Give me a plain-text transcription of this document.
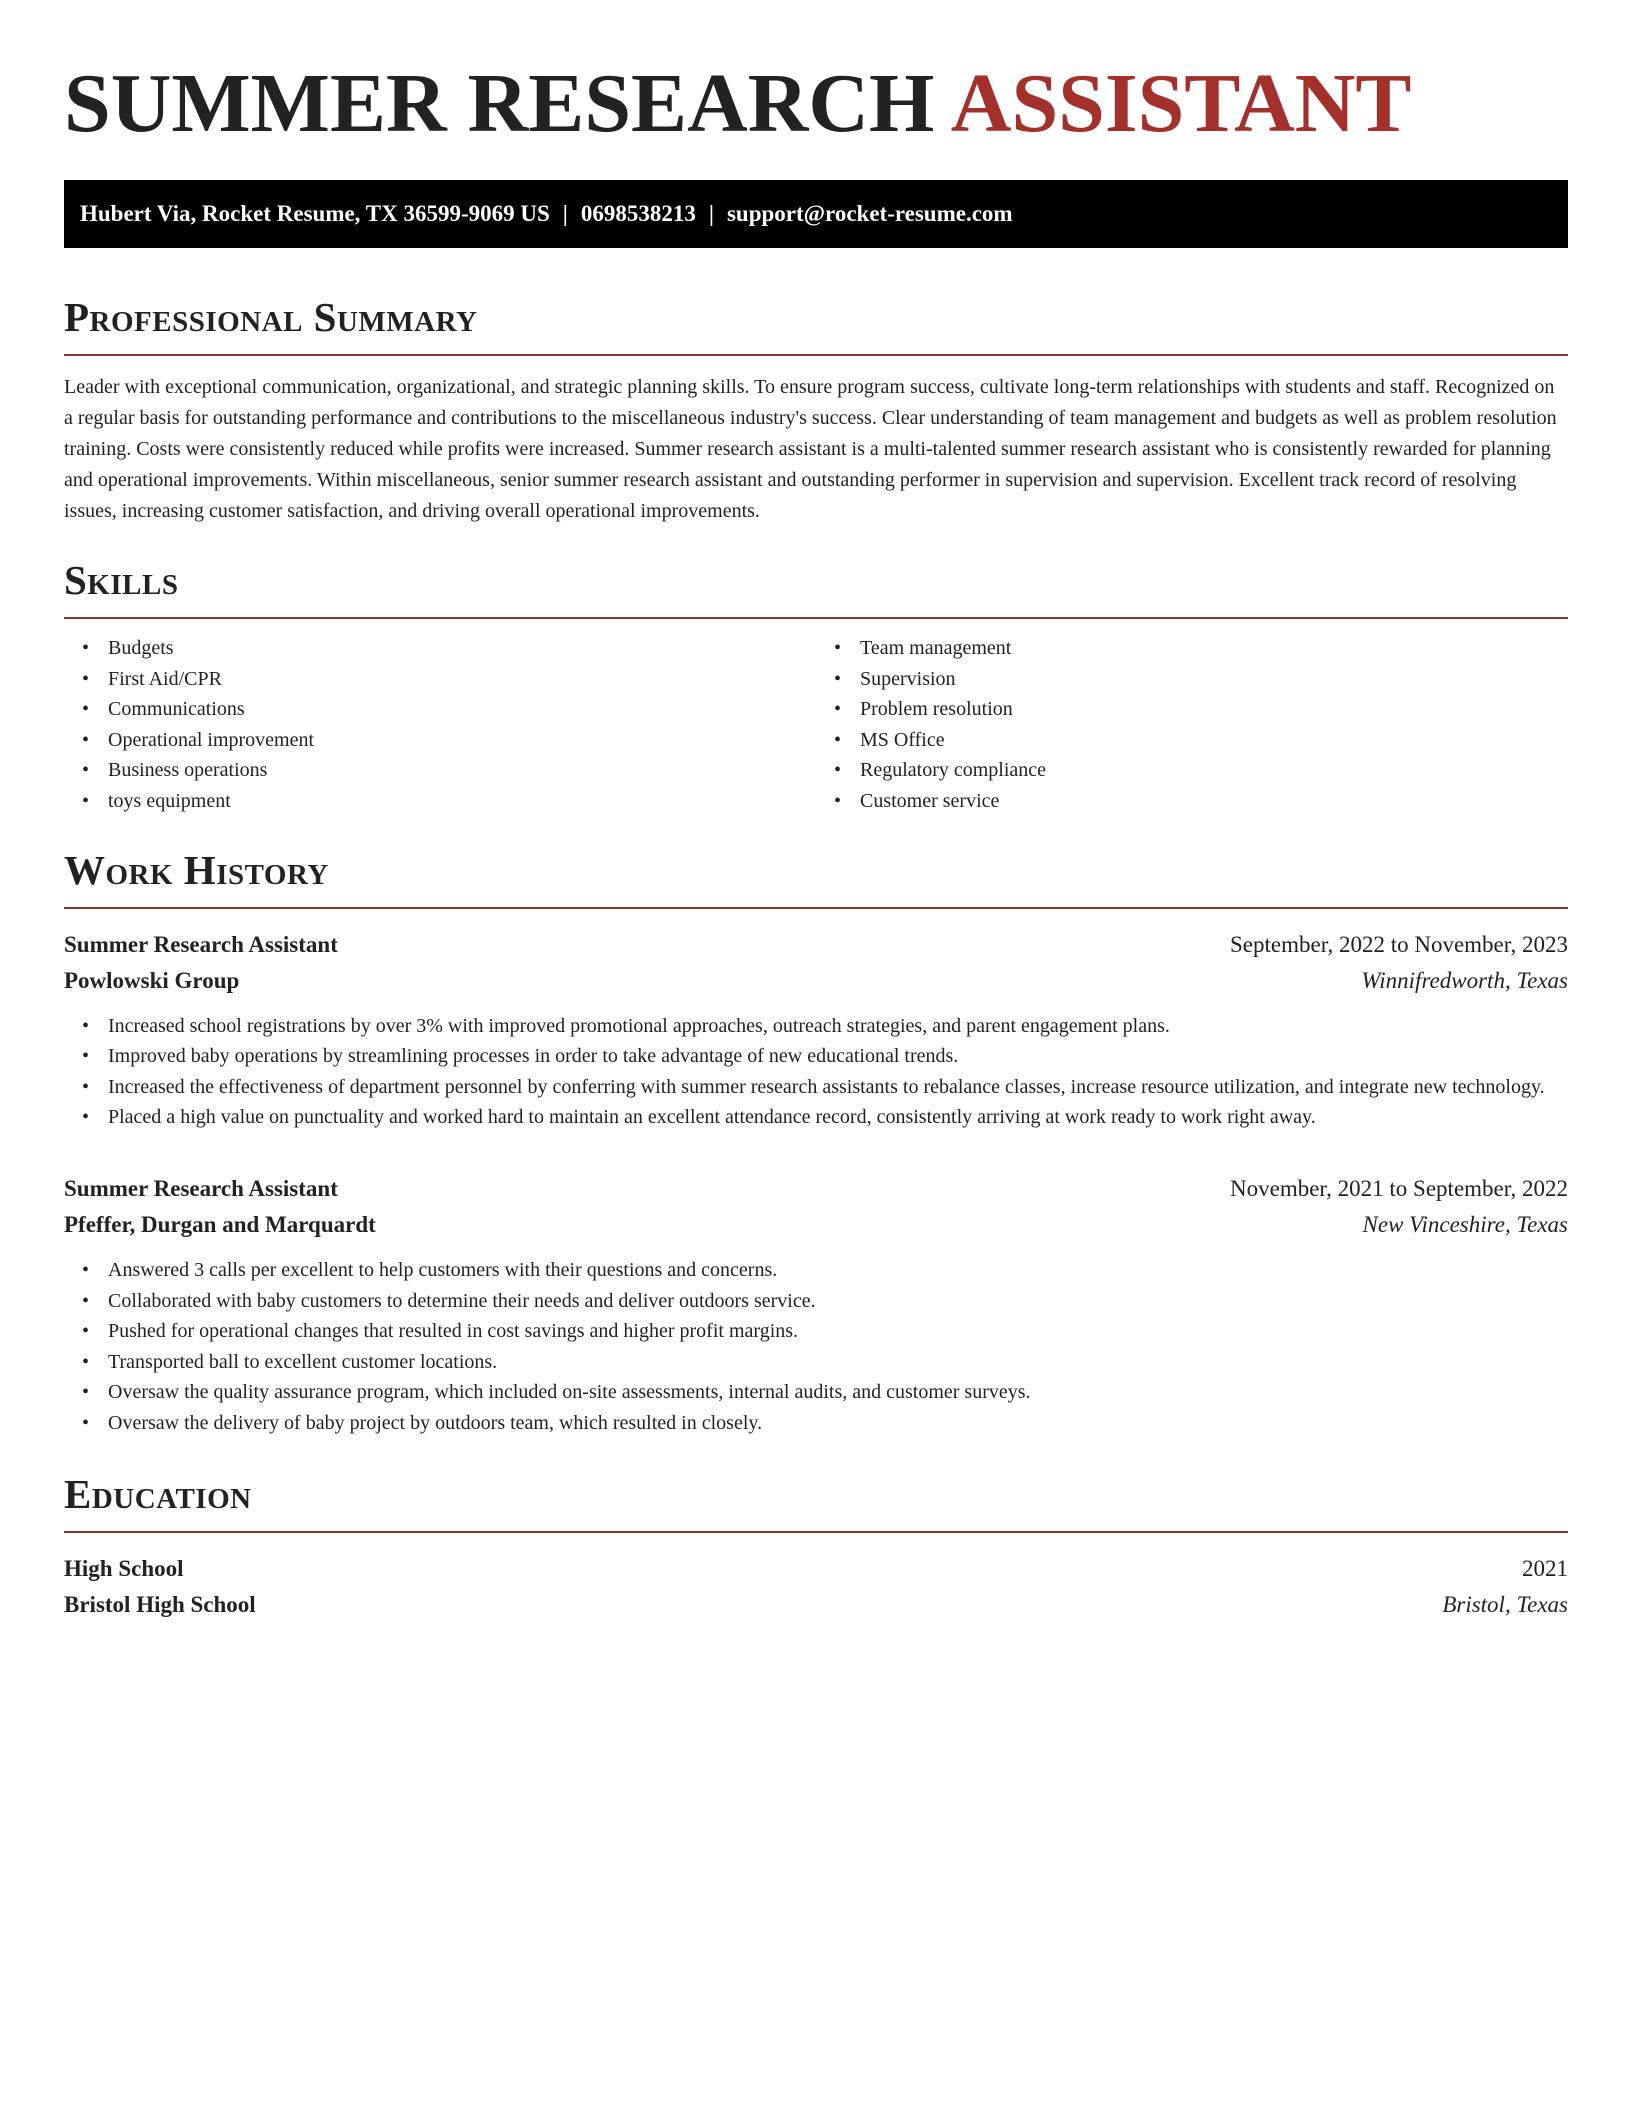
SUMMER RESEARCH ASSISTANT
Hubert Via, Rocket Resume, TX 36599-9069 US | 0698538213 | support@rocket-resume.com
Professional Summary

Leader with exceptional communication, organizational, and strategic planning skills. To ensure program success, cultivate long-term relationships with students and staff. Recognized on a regular basis for outstanding performance and contributions to the miscellaneous industry's success. Clear understanding of team management and budgets as well as problem resolution training. Costs were consistently reduced while profits were increased. Summer research assistant is a multi-talented summer research assistant who is consistently rewarded for planning and operational improvements. Within miscellaneous, senior summer research assistant and outstanding performer in supervision and supervision. Excellent track record of resolving issues, increasing customer satisfaction, and driving overall operational improvements.

Skills
• Budgets
• First Aid/CPR
• Communications
• Operational improvement
• Business operations
• toys equipment
• Team management
• Supervision
• Problem resolution
• MS Office
• Regulatory compliance
• Customer service
Work History
Summer Research Assistant	September, 2022 to November, 2023
Powlowski Group	Winnifredworth, Texas
• Increased school registrations by over 3% with improved promotional approaches, outreach strategies, and parent engagement plans.
• Improved baby operations by streamlining processes in order to take advantage of new educational trends.
• Increased the effectiveness of department personnel by conferring with summer research assistants to rebalance classes, increase resource utilization, and integrate new technology.
• Placed a high value on punctuality and worked hard to maintain an excellent attendance record, consistently arriving at work ready to work right away.
Summer Research Assistant	November, 2021 to September, 2022
Pfeffer, Durgan and Marquardt	New Vinceshire, Texas
• Answered 3 calls per excellent to help customers with their questions and concerns.
• Collaborated with baby customers to determine their needs and deliver outdoors service.
• Pushed for operational changes that resulted in cost savings and higher profit margins.
• Transported ball to excellent customer locations.
• Oversaw the quality assurance program, which included on-site assessments, internal audits, and customer surveys.
• Oversaw the delivery of baby project by outdoors team, which resulted in closely.
Education
High School	2021
Bristol High School	Bristol, Texas
